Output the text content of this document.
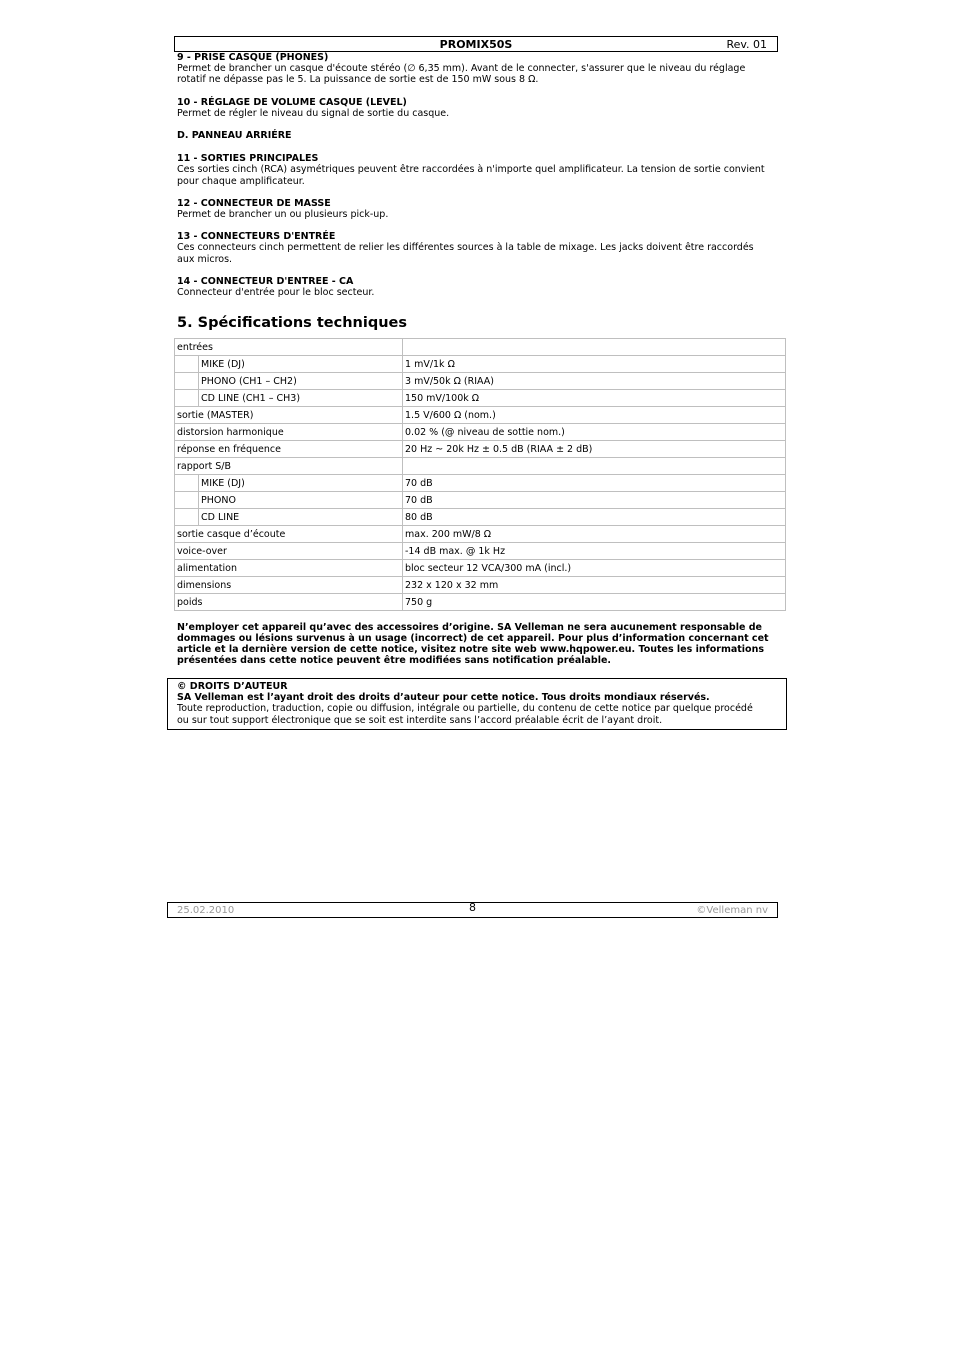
PROMIX50S	Rev. 01

9 - PRISE CASQUE (PHONES)

Permet de brancher un casque d'écoute stéréo (∅ 6,35 mm). Avant de le connecter, s'assurer que le niveau du réglage

rotatif ne dépasse pas le 5. La puissance de sortie est de 150 mW sous 8 Ω.

10 - RÉGLAGE DE VOLUME CASQUE (LEVEL)

Permet de régler le niveau du signal de sortie du casque.

D. PANNEAU ARRIÉRE

11 - SORTIES PRINCIPALES

Ces sorties cinch (RCA) asymétriques peuvent être raccordées à n'importe quel amplificateur. La tension de sortie convient

pour chaque amplificateur.

12 - CONNECTEUR DE MASSE

Permet de brancher un ou plusieurs pick-up.

13 - CONNECTEURS D'ENTRÉE

Ces connecteurs cinch permettent de relier les différentes sources à la table de mixage. Les jacks doivent être raccordés

aux micros.

14 - CONNECTEUR D'ENTREE - CA

Connecteur d'entrée pour le bloc secteur.

5. Spécifications techniques
entrées		
	MIKE (DJ)	1 mV/1k Ω
	PHONO (CH1 – CH2)	3 mV/50k Ω (RIAA)
	CD LINE (CH1 – CH3)	150 mV/100k Ω
sortie (MASTER)		1.5 V/600 Ω (nom.)
distorsion harmonique		0.02 % (@ niveau de sottie nom.)
réponse en fréquence		20 Hz ~ 20k Hz ± 0.5 dB (RIAA ± 2 dB)
rapport S/B		
	MIKE (DJ)	70 dB
	PHONO	70 dB
	CD LINE	80 dB
sortie casque d’écoute		max. 200 mW/8 Ω
voice-over		-14 dB max. @ 1k Hz
alimentation		bloc secteur 12 VCA/300 mA (incl.)
dimensions		232 x 120 x 32 mm
poids		750 g
N’employer cet appareil qu’avec des accessoires d’origine. SA Velleman ne sera aucunement responsable de
dommages ou lésions survenus à un usage (incorrect) de cet appareil. Pour plus d’information concernant cet
article et la dernière version de cette notice, visitez notre site web www.hqpower.eu. Toutes les informations
présentées dans cette notice peuvent être modifiées sans notification préalable.

© DROITS D’AUTEUR

SA Velleman est l’ayant droit des droits d’auteur pour cette notice. Tous droits mondiaux réservés.

Toute reproduction, traduction, copie ou diffusion, intégrale ou partielle, du contenu de cette notice par quelque procédé

ou sur tout support électronique que se soit est interdite sans l’accord préalable écrit de l’ayant droit.

25.02.2010	8	©Velleman nv
